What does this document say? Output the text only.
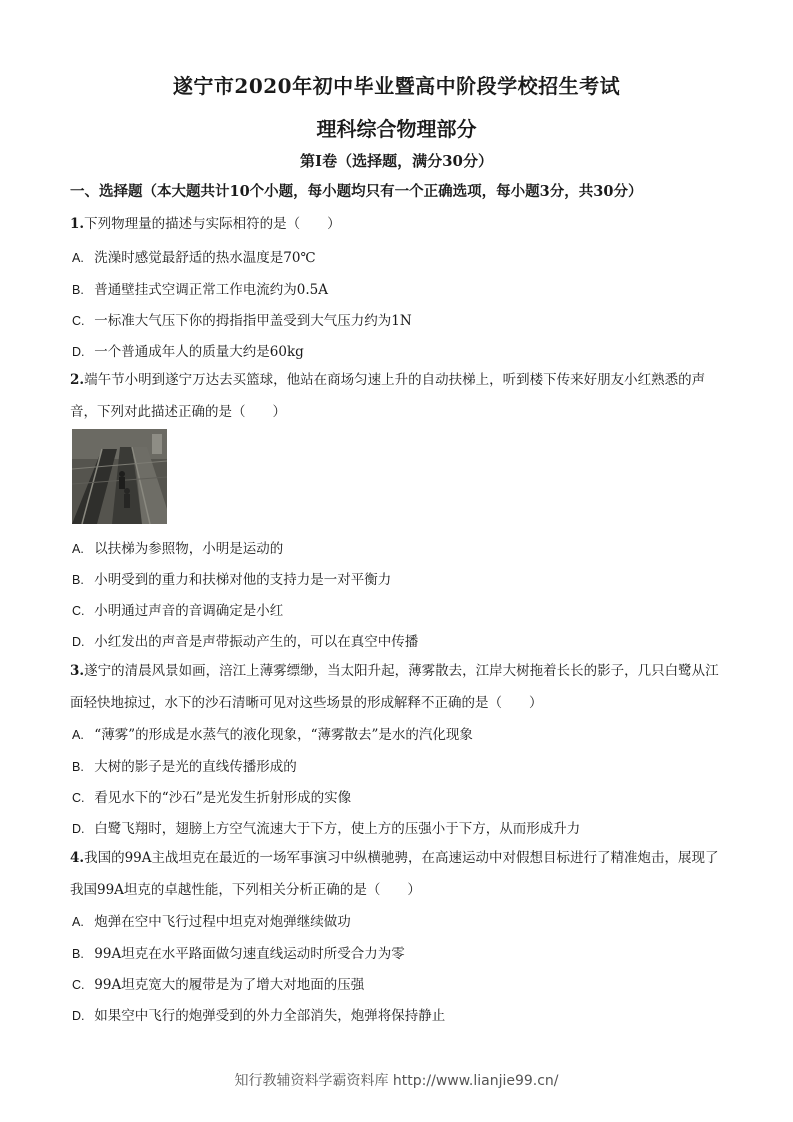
遂宁市2020年初中毕业暨高中阶段学校招生考试
理科综合物理部分
第I卷（选择题，满分30分）
一、选择题（本大题共计10个小题，每小题均只有一个正确选项，每小题3分，共30分）
1.下列物理量的描述与实际相符的是（　　）
A. 洗澡时感觉最舒适的热水温度是70℃
B. 普通壁挂式空调正常工作电流约为0.5A
C. 一标准大气压下你的拇指指甲盖受到大气压力约为1N
D. 一个普通成年人的质量大约是60kg
2.端午节小明到遂宁万达去买篮球，他站在商场匀速上升的自动扶梯上，听到楼下传来好朋友小红熟悉的声音，下列对此描述正确的是（　　）
A. 以扶梯为参照物，小明是运动的
B. 小明受到的重力和扶梯对他的支持力是一对平衡力
C. 小明通过声音的音调确定是小红
D. 小红发出的声音是声带振动产生的，可以在真空中传播
3.遂宁的清晨风景如画，涪江上薄雾缥缈，当太阳升起，薄雾散去，江岸大树拖着长长的影子，几只白鹭从江面轻快地掠过，水下的沙石清晰可见对这些场景的形成解释不正确的是（　　）
A. “薄雾”的形成是水蒸气的液化现象，“薄雾散去”是水的汽化现象
B. 大树的影子是光的直线传播形成的
C. 看见水下的“沙石”是光发生折射形成的实像
D. 白鹭飞翔时，翅膀上方空气流速大于下方，使上方的压强小于下方，从而形成升力
4.我国的99A主战坦克在最近的一场军事演习中纵横驰骋，在高速运动中对假想目标进行了精准炮击，展现了我国99A坦克的卓越性能，下列相关分析正确的是（　　）
A. 炮弹在空中飞行过程中坦克对炮弹继续做功
B. 99A坦克在水平路面做匀速直线运动时所受合力为零
C. 99A坦克宽大的履带是为了增大对地面的压强
D. 如果空中飞行的炮弹受到的外力全部消失，炮弹将保持静止
知行教辅资料学霸资料库 http://www.lianjie99.cn/
